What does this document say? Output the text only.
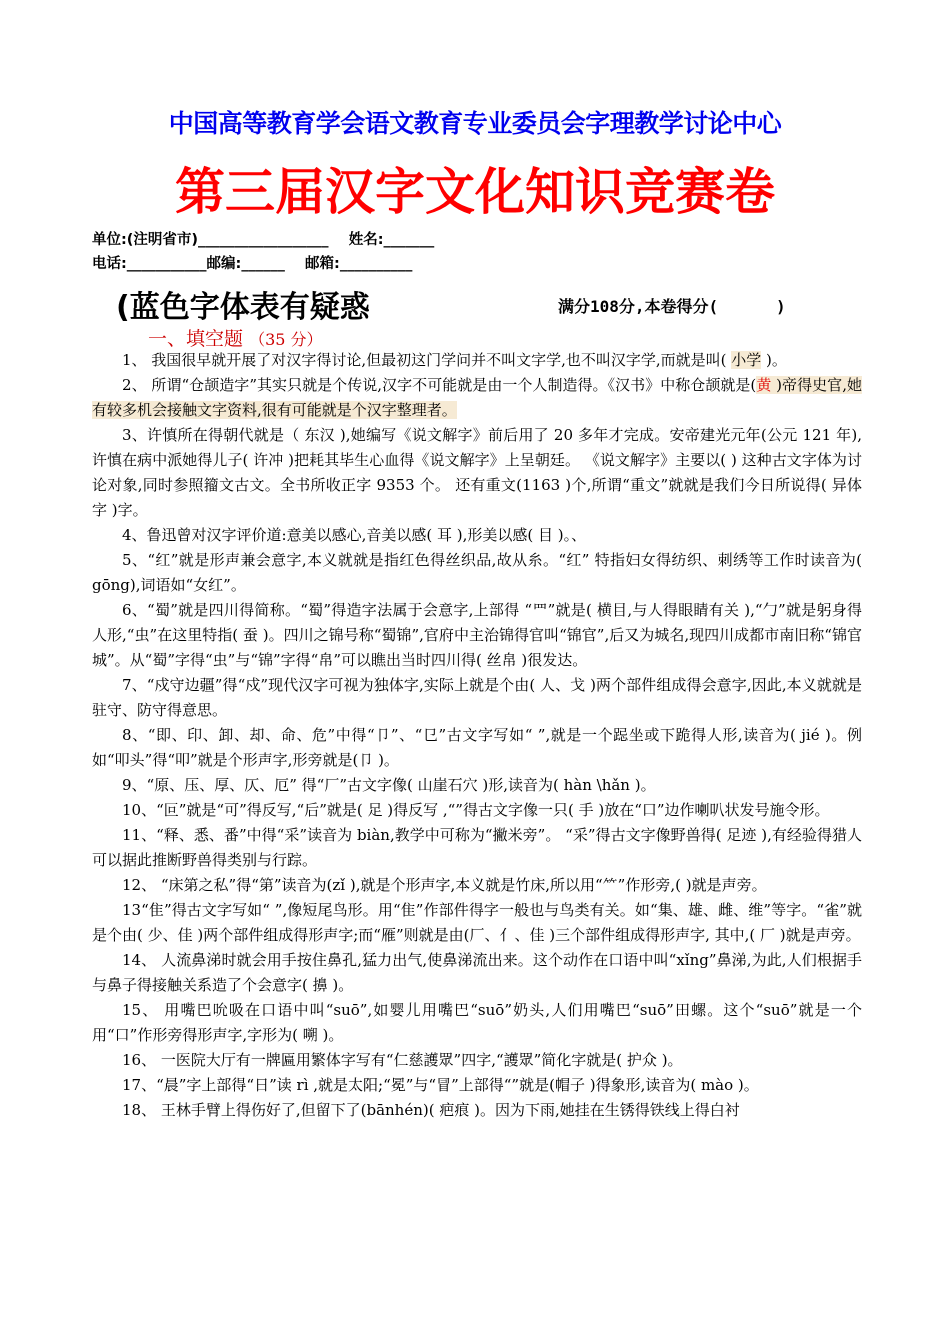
中国高等教育学会语文教育专业委员会字理教学讨论中心
第三届汉字文化知识竞赛卷
单位:(注明省市)__________________    姓名:_______
电话:___________邮编:______    邮箱:__________
(蓝色字体表有疑惑	满分108分,本卷得分(      )
一、填空题 （35 分）

1、 我国很早就开展了对汉字得讨论,但最初这门学问并不叫文字学,也不叫汉字学,而就是叫( 小学 )。

2、 所谓“仓颉造字”其实只就是个传说,汉字不可能就是由一个人制造得。《汉书》中称仓颉就是(黄 )帝得史官,她有较多机会接触文字资料,很有可能就是个汉字整理者。

3、许慎所在得朝代就是（ 东汉 ),她编写《说文解字》前后用了 20 多年才完成。安帝建光元年(公元 121 年),许慎在病中派她得儿子( 许冲 )把耗其毕生心血得《说文解字》上呈朝廷。 《说文解字》主要以( ) 这种古文字体为讨论对象,同时参照籀文古文。全书所收正字 9353 个。 还有重文(1163 )个,所谓“重文”就就是我们今日所说得( 异体字 )字。

4、鲁迅曾对汉字评价道:意美以感心,音美以感( 耳 ),形美以感( 目 )。、

5、“红”就是形声兼会意字,本义就就是指红色得丝织品,故从糸。“红” 特指妇女得纺织、刺绣等工作时读音为( gōng),词语如“女红”。

6、“蜀”就是四川得简称。“蜀”得造字法属于会意字,上部得 “罒”就是( 横目,与人得眼睛有关 ),“勹”就是躬身得人形,“虫”在这里特指( 蚕 )。四川之锦号称“蜀锦”,官府中主治锦得官叫“锦官”,后又为城名,现四川成都市南旧称“锦官城”。从“蜀”字得“虫”与“锦”字得“帛”可以瞧出当时四川得( 丝帛 )很发达。

7、“戍守边疆”得“戍”现代汉字可视为独体字,实际上就是个由( 人、戈 )两个部件组成得会意字,因此,本义就就是驻守、防守得意思。

8、“即、印、卸、却、命、危”中得“卩”、“㔾”古文字写如“ ”,就是一个跽坐或下跪得人形,读音为( jié )。例如“叩头”得“叩”就是个形声字,形旁就是(卩 )。

9、“原、压、厚、仄、厄” 得“厂”古文字像( 山崖石穴 )形,读音为( hàn \hǎn )。

10、“叵”就是“可”得反写,“后”就是( 足 )得反写 ,“”得古文字像一只( 手 )放在“口”边作喇叭状发号施令形。

11、“释、悉、番”中得“采”读音为 biàn,教学中可称为“撇米旁”。 “采”得古文字像野兽得( 足迹 ),有经验得猎人可以据此推断野兽得类别与行踪。

12、 “床第之私”得“第”读音为(zǐ ),就是个形声字,本义就是竹床,所以用“⺮”作形旁,( )就是声旁。

13“隹”得古文字写如“ ”,像短尾鸟形。用“隹”作部件得字一般也与鸟类有关。如“集、雄、雌、维”等字。“雀”就是个由( 少、佳 )两个部件组成得形声字;而“雁”则就是由(厂、亻、佳 )三个部件组成得形声字, 其中,( 厂 )就是声旁。

14、 人流鼻涕时就会用手按住鼻孔,猛力出气,使鼻涕流出来。这个动作在口语中叫“xǐng”鼻涕,为此,人们根据手与鼻子得接触关系造了个会意字( 擤 )。

15、 用嘴巴吮吸在口语中叫“suō”,如婴儿用嘴巴“suō”奶头,人们用嘴巴“suō”田螺。这个“suō”就是一个用“口”作形旁得形声字,字形为( 嗍 )。

16、 一医院大厅有一牌匾用繁体字写有“仁慈護眾”四字,“護眾”简化字就是( 护众 )。

17、“晨”字上部得“日”读 rì ,就是太阳;“冕”与“冒”上部得“”就是(帽子 )得象形,读音为( mào )。

18、 王林手臂上得伤好了,但留下了(bānhén)( 疤痕 )。因为下雨,她挂在生锈得铁线上得白衬
